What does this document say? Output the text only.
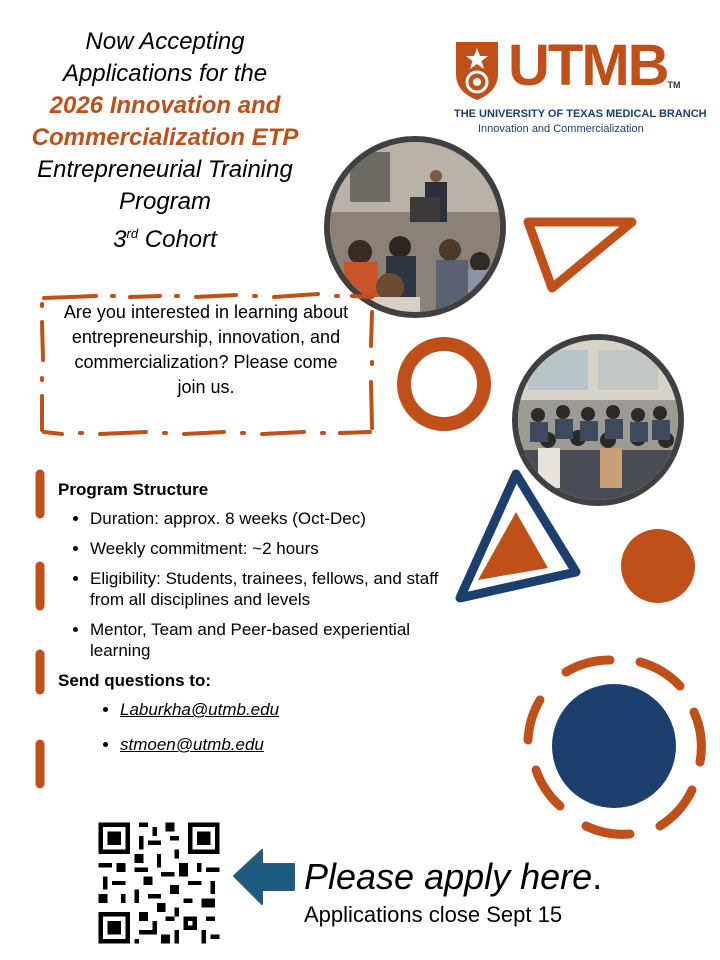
Now Accepting
Applications for the
2026 Innovation and
Commercialization ETP
Entrepreneurial Training
Program
3rd Cohort
UTMBTM
THE UNIVERSITY OF TEXAS MEDICAL BRANCH
Innovation and Commercialization
Are you interested in learning about entrepreneurship, innovation, and commercialization? Please come join us.
Program Structure
• Duration: approx. 8 weeks (Oct-Dec)
• Weekly commitment: ~2 hours
• Eligibility: Students, trainees, fellows, and staff from all disciplines and levels
• Mentor, Team and Peer-based experiential learning
Send questions to:
• Laburkha@utmb.edu
• stmoen@utmb.edu
Please apply here.
Applications close Sept 15
